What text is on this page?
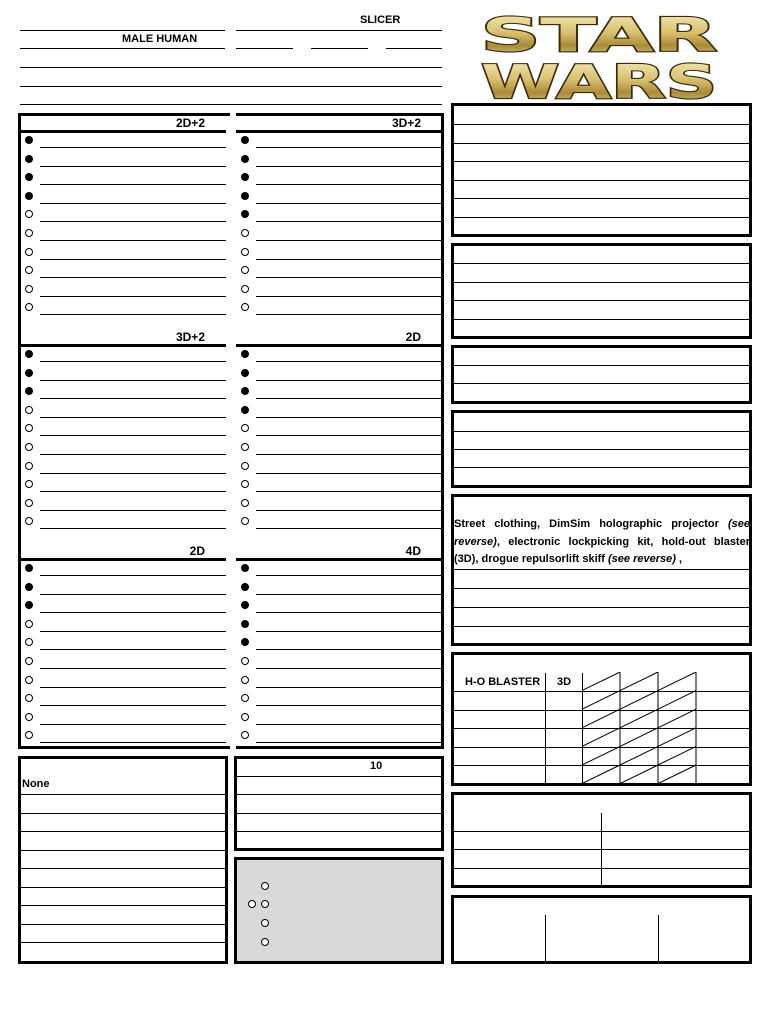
SLICER
MALE HUMAN	STAR
WARS
2D+2	3D+2
3D+2	2D
2D	4D
None
10
Street clothing, DimSim holographic projector (see reverse), electronic lockpicking kit, hold-out blaster (3D), drogue repulsorlift skiff (see reverse) ,
H-O BLASTER 3D
